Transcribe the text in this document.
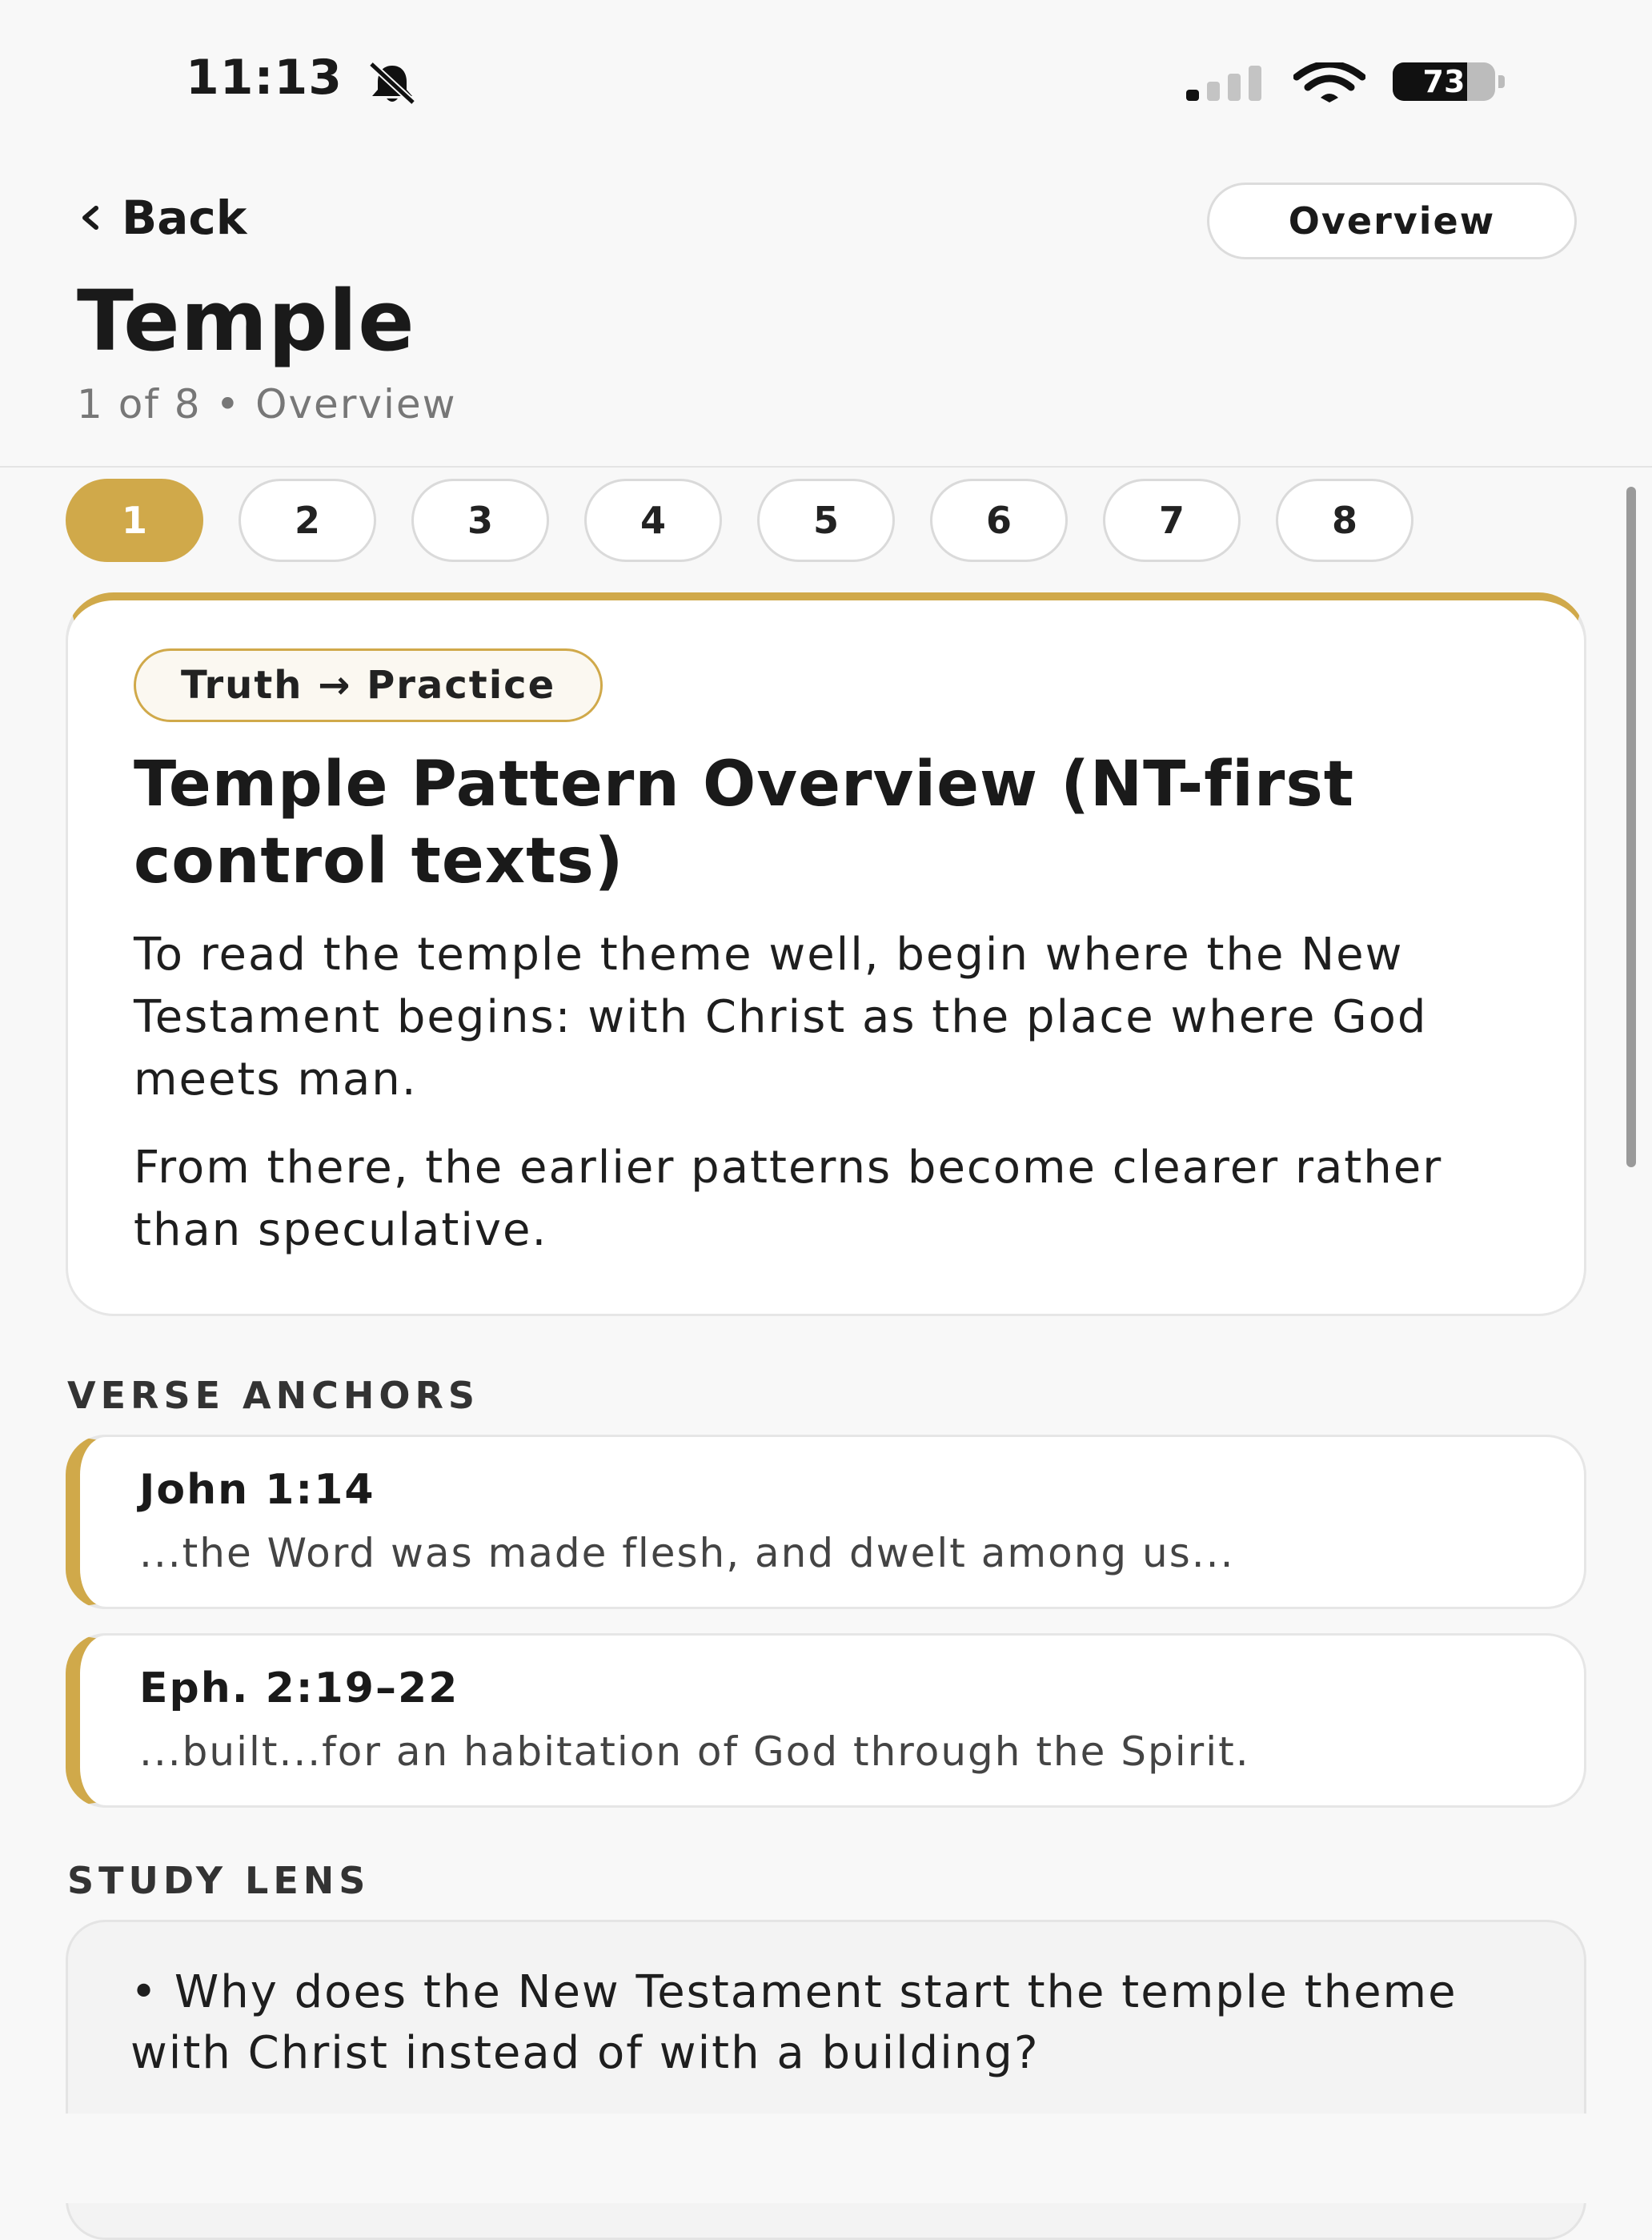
11:13	73
Back	Overview
Temple
1 of 8 • Overview
1	2	3	4	5	6	7	8
Truth → Practice
Temple Pattern Overview (NT-first control texts)
To read the temple theme well, begin where the New Testament begins: with Christ as the place where God meets man.
From there, the earlier patterns become clearer rather than speculative.
VERSE ANCHORS
John 1:14
...the Word was made flesh, and dwelt among us...
Eph. 2:19–22
...built...for an habitation of God through the Spirit.
STUDY LENS
• Why does the New Testament start the temple theme with Christ instead of with a building?
